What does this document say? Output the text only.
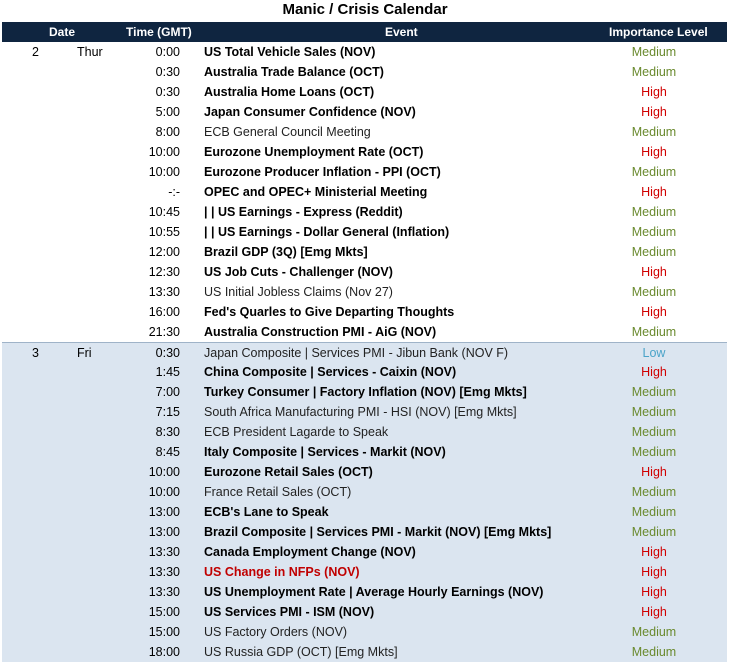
Manic / Crisis Calendar
Date	Time (GMT)	Event	Importance Level
2	Thur	0:00 US Total Vehicle Sales (NOV)	Medium
0:30 Australia Trade Balance (OCT)	Medium
0:30 Australia Home Loans (OCT)	High
5:00 Japan Consumer Confidence (NOV)	High
8:00 ECB General Council Meeting	Medium
10:00 Eurozone Unemployment Rate (OCT)	High
10:00 Eurozone Producer Inflation - PPI (OCT)	Medium
-:- OPEC and OPEC+ Ministerial Meeting	High
10:45 | | US Earnings - Express (Reddit)	Medium
10:55 | | US Earnings - Dollar General (Inflation)	Medium
12:00 Brazil GDP (3Q) [Emg Mkts]	Medium
12:30 US Job Cuts - Challenger (NOV)	High
13:30 US Initial Jobless Claims (Nov 27)	Medium
16:00 Fed's Quarles to Give Departing Thoughts	High
21:30 Australia Construction PMI - AiG (NOV)	Medium
3	Fri	0:30 Japan Composite | Services PMI - Jibun Bank (NOV F)	Low
1:45 China Composite | Services - Caixin (NOV)	High
7:00 Turkey Consumer | Factory Inflation (NOV) [Emg Mkts]	Medium
7:15 South Africa Manufacturing PMI - HSI (NOV) [Emg Mkts]	Medium
8:30 ECB President Lagarde to Speak	Medium
8:45 Italy Composite | Services - Markit (NOV)	Medium
10:00 Eurozone Retail Sales (OCT)	High
10:00 France Retail Sales (OCT)	Medium
13:00 ECB's Lane to Speak	Medium
13:00 Brazil Composite | Services PMI - Markit (NOV) [Emg Mkts]	Medium
13:30 Canada Employment Change (NOV)	High
13:30 US Change in NFPs (NOV)	High
13:30 US Unemployment Rate | Average Hourly Earnings (NOV)	High
15:00 US Services PMI - ISM (NOV)	High
15:00 US Factory Orders (NOV)	Medium
18:00 US Russia GDP (OCT) [Emg Mkts]	Medium
